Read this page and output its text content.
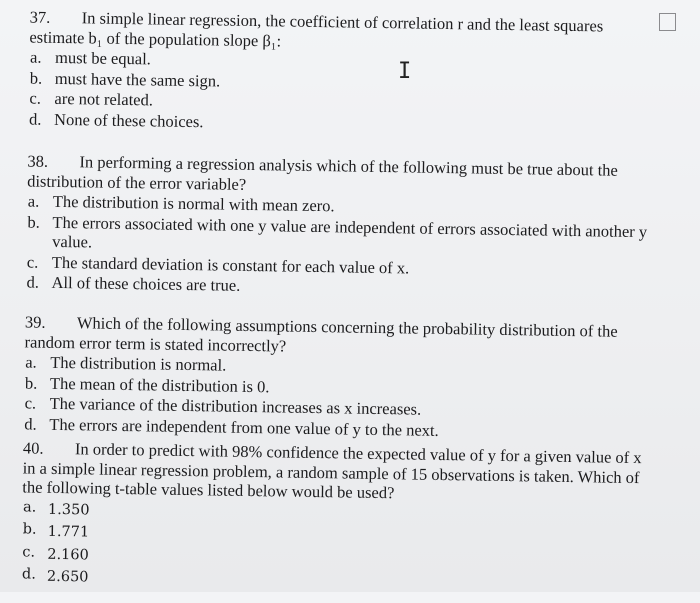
37. In simple linear regression, the coefficient of correlation r and the least squares estimate b₁ of the population slope β₁:
a. must be equal.
b. must have the same sign.
c. are not related.
d. None of these choices.
38. In performing a regression analysis which of the following must be true about the distribution of the error variable?
a. The distribution is normal with mean zero.
b. The errors associated with one y value are independent of errors associated with another y value.
c. The standard deviation is constant for each value of x.
d. All of these choices are true.
39. Which of the following assumptions concerning the probability distribution of the random error term is stated incorrectly?
a. The distribution is normal.
b. The mean of the distribution is 0.
c. The variance of the distribution increases as x increases.
d. The errors are independent from one value of y to the next.
40. In order to predict with 98% confidence the expected value of y for a given value of x in a simple linear regression problem, a random sample of 15 observations is taken. Which of the following t-table values listed below would be used?
a. 1.350
b. 1.771
c. 2.160
d. 2.650
I
